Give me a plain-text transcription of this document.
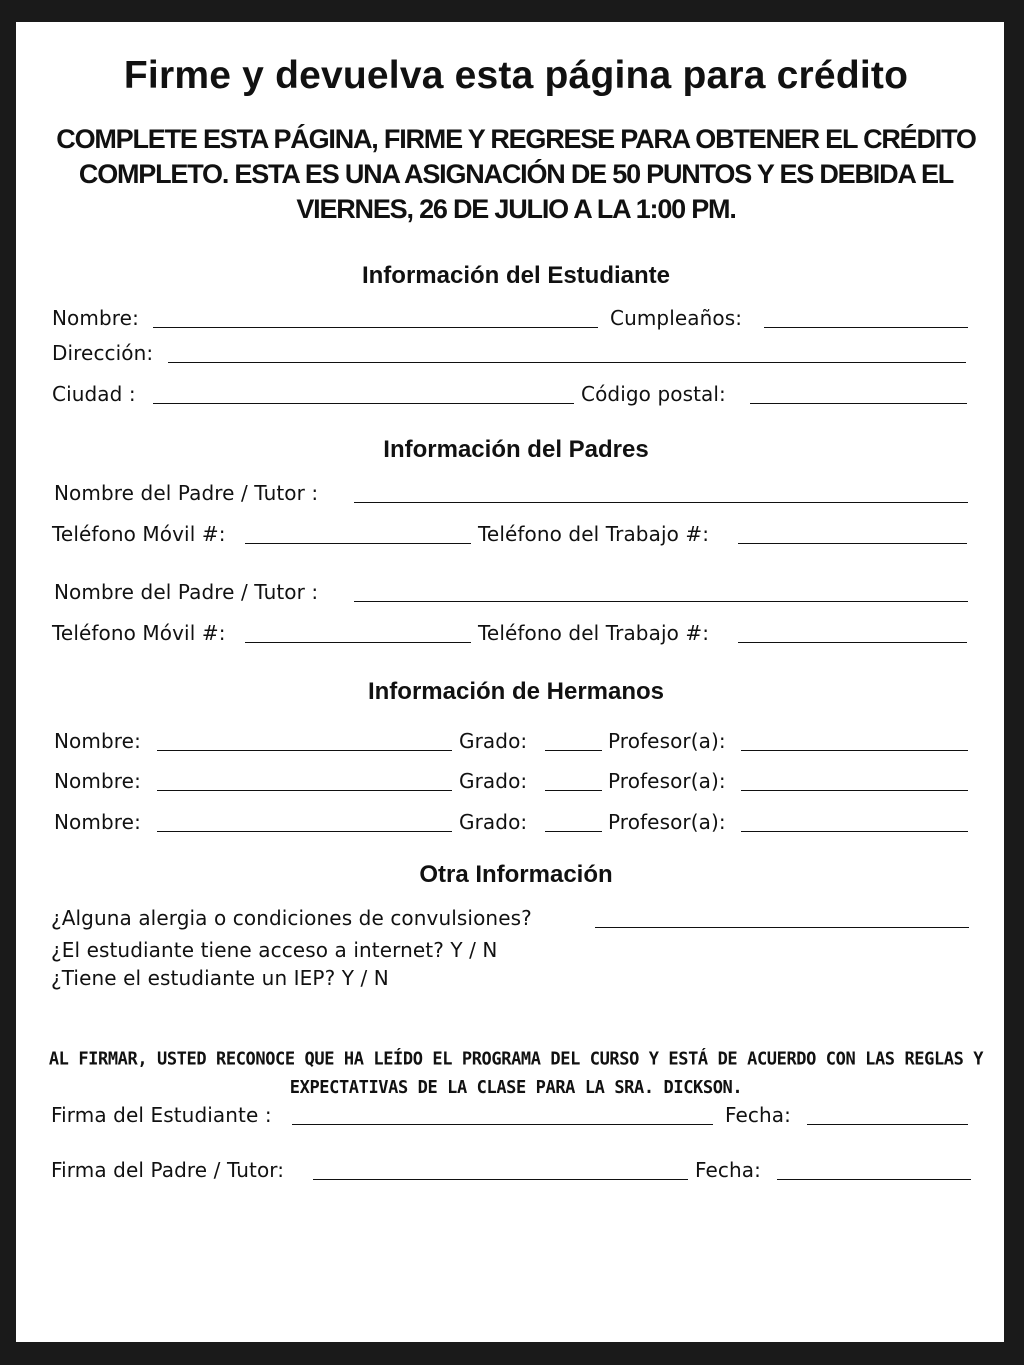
Firme y devuelva esta página para crédito
COMPLETE ESTA PÁGINA, FIRME Y REGRESE PARA OBTENER EL CRÉDITO COMPLETO. ESTA ES UNA ASIGNACIÓN DE 50 PUNTOS Y ES DEBIDA EL VIERNES, 26 DE JULIO A LA 1:00 PM.
Información del Estudiante
Nombre:	Cumpleaños:
Dirección:
Ciudad :	Código postal:
Información del Padres
Nombre del Padre / Tutor :
Teléfono Móvil #:	Teléfono del Trabajo #:
Nombre del Padre / Tutor :
Teléfono Móvil #:	Teléfono del Trabajo #:
Información de Hermanos
Nombre:	Grado:	Profesor(a):
Nombre:	Grado:	Profesor(a):
Nombre:	Grado:	Profesor(a):
Otra Información
¿Alguna alergia o condiciones de convulsiones?
¿El estudiante tiene acceso a internet? Y / N
¿Tiene el estudiante un IEP? Y / N
AL FIRMAR, USTED RECONOCE QUE HA LEÍDO EL PROGRAMA DEL CURSO Y ESTÁ DE ACUERDO CON LAS REGLAS Y EXPECTATIVAS DE LA CLASE PARA LA SRA. DICKSON.
Firma del Estudiante :	Fecha:
Firma del Padre / Tutor:	Fecha:
